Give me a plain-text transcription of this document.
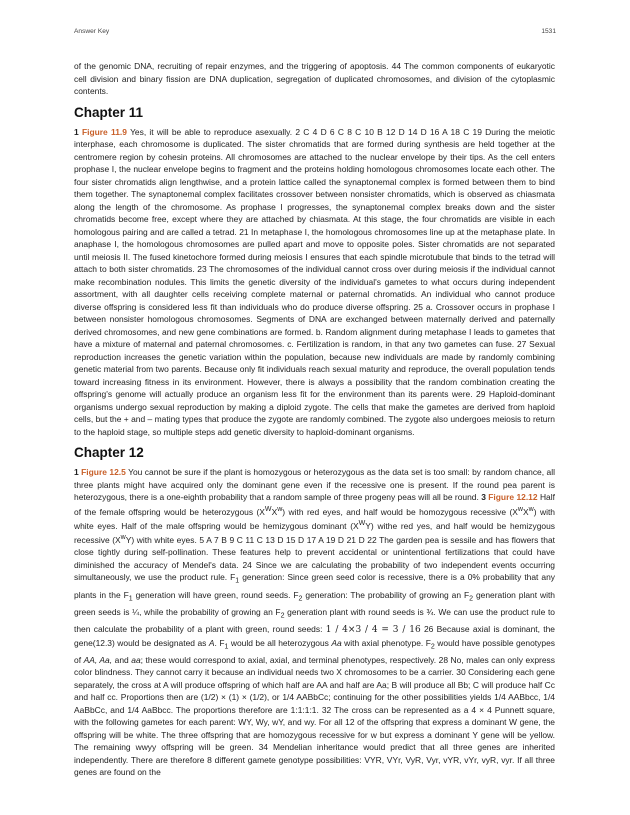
Answer Key	1531

of the genomic DNA, recruiting of repair enzymes, and the triggering of apoptosis. 44 The common components of eukaryotic cell division and binary fission are DNA duplication, segregation of duplicated chromosomes, and division of the cytoplasmic contents.

Chapter 11

1 Figure 11.9 Yes, it will be able to reproduce asexually. 2 C 4 D 6 C 8 C 10 B 12 D 14 D 16 A 18 C 19 During the meiotic interphase, each chromosome is duplicated. The sister chromatids that are formed during synthesis are held together at the centromere region by cohesin proteins. All chromosomes are attached to the nuclear envelope by their tips. As the cell enters prophase I, the nuclear envelope begins to fragment and the proteins holding homologous chromosomes locate each other. The four sister chromatids align lengthwise, and a protein lattice called the synaptonemal complex is formed between them to bind them together. The synaptonemal complex facilitates crossover between nonsister chromatids, which is observed as chiasmata along the length of the chromosome. As prophase I progresses, the synaptonemal complex breaks down and the sister chromatids become free, except where they are attached by chiasmata. At this stage, the four chromatids are visible in each homologous pairing and are called a tetrad. 21 In metaphase I, the homologous chromosomes line up at the metaphase plate. In anaphase I, the homologous chromosomes are pulled apart and move to opposite poles. Sister chromatids are not separated until meiosis II. The fused kinetochore formed during meiosis I ensures that each spindle microtubule that binds to the tetrad will attach to both sister chromatids. 23 The chromosomes of the individual cannot cross over during meiosis if the individual cannot make recombination nodules. This limits the genetic diversity of the individual's gametes to what occurs during independent assortment, with all daughter cells receiving complete maternal or paternal chromatids. An individual who cannot produce diverse offspring is considered less fit than individuals who do produce diverse offspring. 25 a. Crossover occurs in prophase I between nonsister homologous chromosomes. Segments of DNA are exchanged between maternally derived and paternally derived chromosomes, and new gene combinations are formed. b. Random alignment during metaphase I leads to gametes that have a mixture of maternal and paternal chromosomes. c. Fertilization is random, in that any two gametes can fuse. 27 Sexual reproduction increases the genetic variation within the population, because new individuals are made by randomly combining genetic material from two parents. Because only fit individuals reach sexual maturity and reproduce, the overall population tends toward increasing fitness in its environment. However, there is always a possibility that the random combination creating the offspring's genome will actually produce an organism less fit for the environment than its parents were. 29 Haploid-dominant organisms undergo sexual reproduction by making a diploid zygote. The cells that make the gametes are derived from haploid cells, but the + and – mating types that produce the zygote are randomly combined. The zygote also undergoes meiosis to return to the haploid stage, so multiple steps add genetic diversity to haploid-dominant organisms.

Chapter 12

1 Figure 12.5 You cannot be sure if the plant is homozygous or heterozygous as the data set is too small: by random chance, all three plants might have acquired only the dominant gene even if the recessive one is present. If the round pea parent is heterozygous, there is a one-eighth probability that a random sample of three progeny peas will all be round. 3 Figure 12.12 Half of the female offspring would be heterozygous $(X^WX^w)$ with red eyes, and half would be homozygous recessive $(X^wX^w)$ with white eyes. Half of the male offspring would be hemizygous dominant $(X^WY)$ withe red yes, and half would be hemizygous recessive $(X^wY)$ with white eyes. 5 A 7 B 9 C 11 C 13 D 15 D 17 A 19 D 21 D 22 The garden pea is sessile and has flowers that close tightly during self-pollination. These features help to prevent accidental or unintentional fertilizations that could have diminished the accuracy of Mendel's data. 24 Since we are calculating the probability of two independent events occurring simultaneously, we use the product rule. $F_1$ generation: Since green seed color is recessive, there is a 0% probability that any plants in the $F_1$ generation will have green, round seeds. $F_2$ generation: The probability of growing an $F_2$ generation plant with green seeds is ¼, while the probability of growing an $F_2$ generation plant with round seeds is ¾. We can use the product rule to then calculate the probability of a plant with green, round seeds: 1 / 4×3 / 4 = 3 / 16 26 Because axial is dominant, the gene(12.3) would be designated as A. $F_1$ would be all heterozygous Aa with axial phenotype. $F_2$ would have possible genotypes of AA, Aa, and aa; these would correspond to axial, axial, and terminal phenotypes, respectively. 28 No, males can only express color blindness. They cannot carry it because an individual needs two X chromosomes to be a carrier. 30 Considering each gene separately, the cross at A will produce offspring of which half are AA and half are Aa; B will produce all Bb; C will produce half Cc and half cc. Proportions then are (1/2) × (1) × (1/2), or 1/4 AABbCc; continuing for the other possibilities yields 1/4 AABbcc, 1/4 AaBbCc, and 1/4 AaBbcc. The proportions therefore are 1:1:1:1. 32 The cross can be represented as a 4 × 4 Punnett square, with the following gametes for each parent: WY, Wy, wY, and wy. For all 12 of the offspring that express a dominant W gene, the offspring will be white. The three offspring that are homozygous recessive for w but express a dominant Y gene will be yellow. The remaining wwyy offspring will be green. 34 Mendelian inheritance would predict that all three genes are inherited independently. There are therefore 8 different gamete genotype possibilities: VYR, VYr, VyR, Vyr, vYR, vYr, vyR, vyr. If all three genes are found on the
